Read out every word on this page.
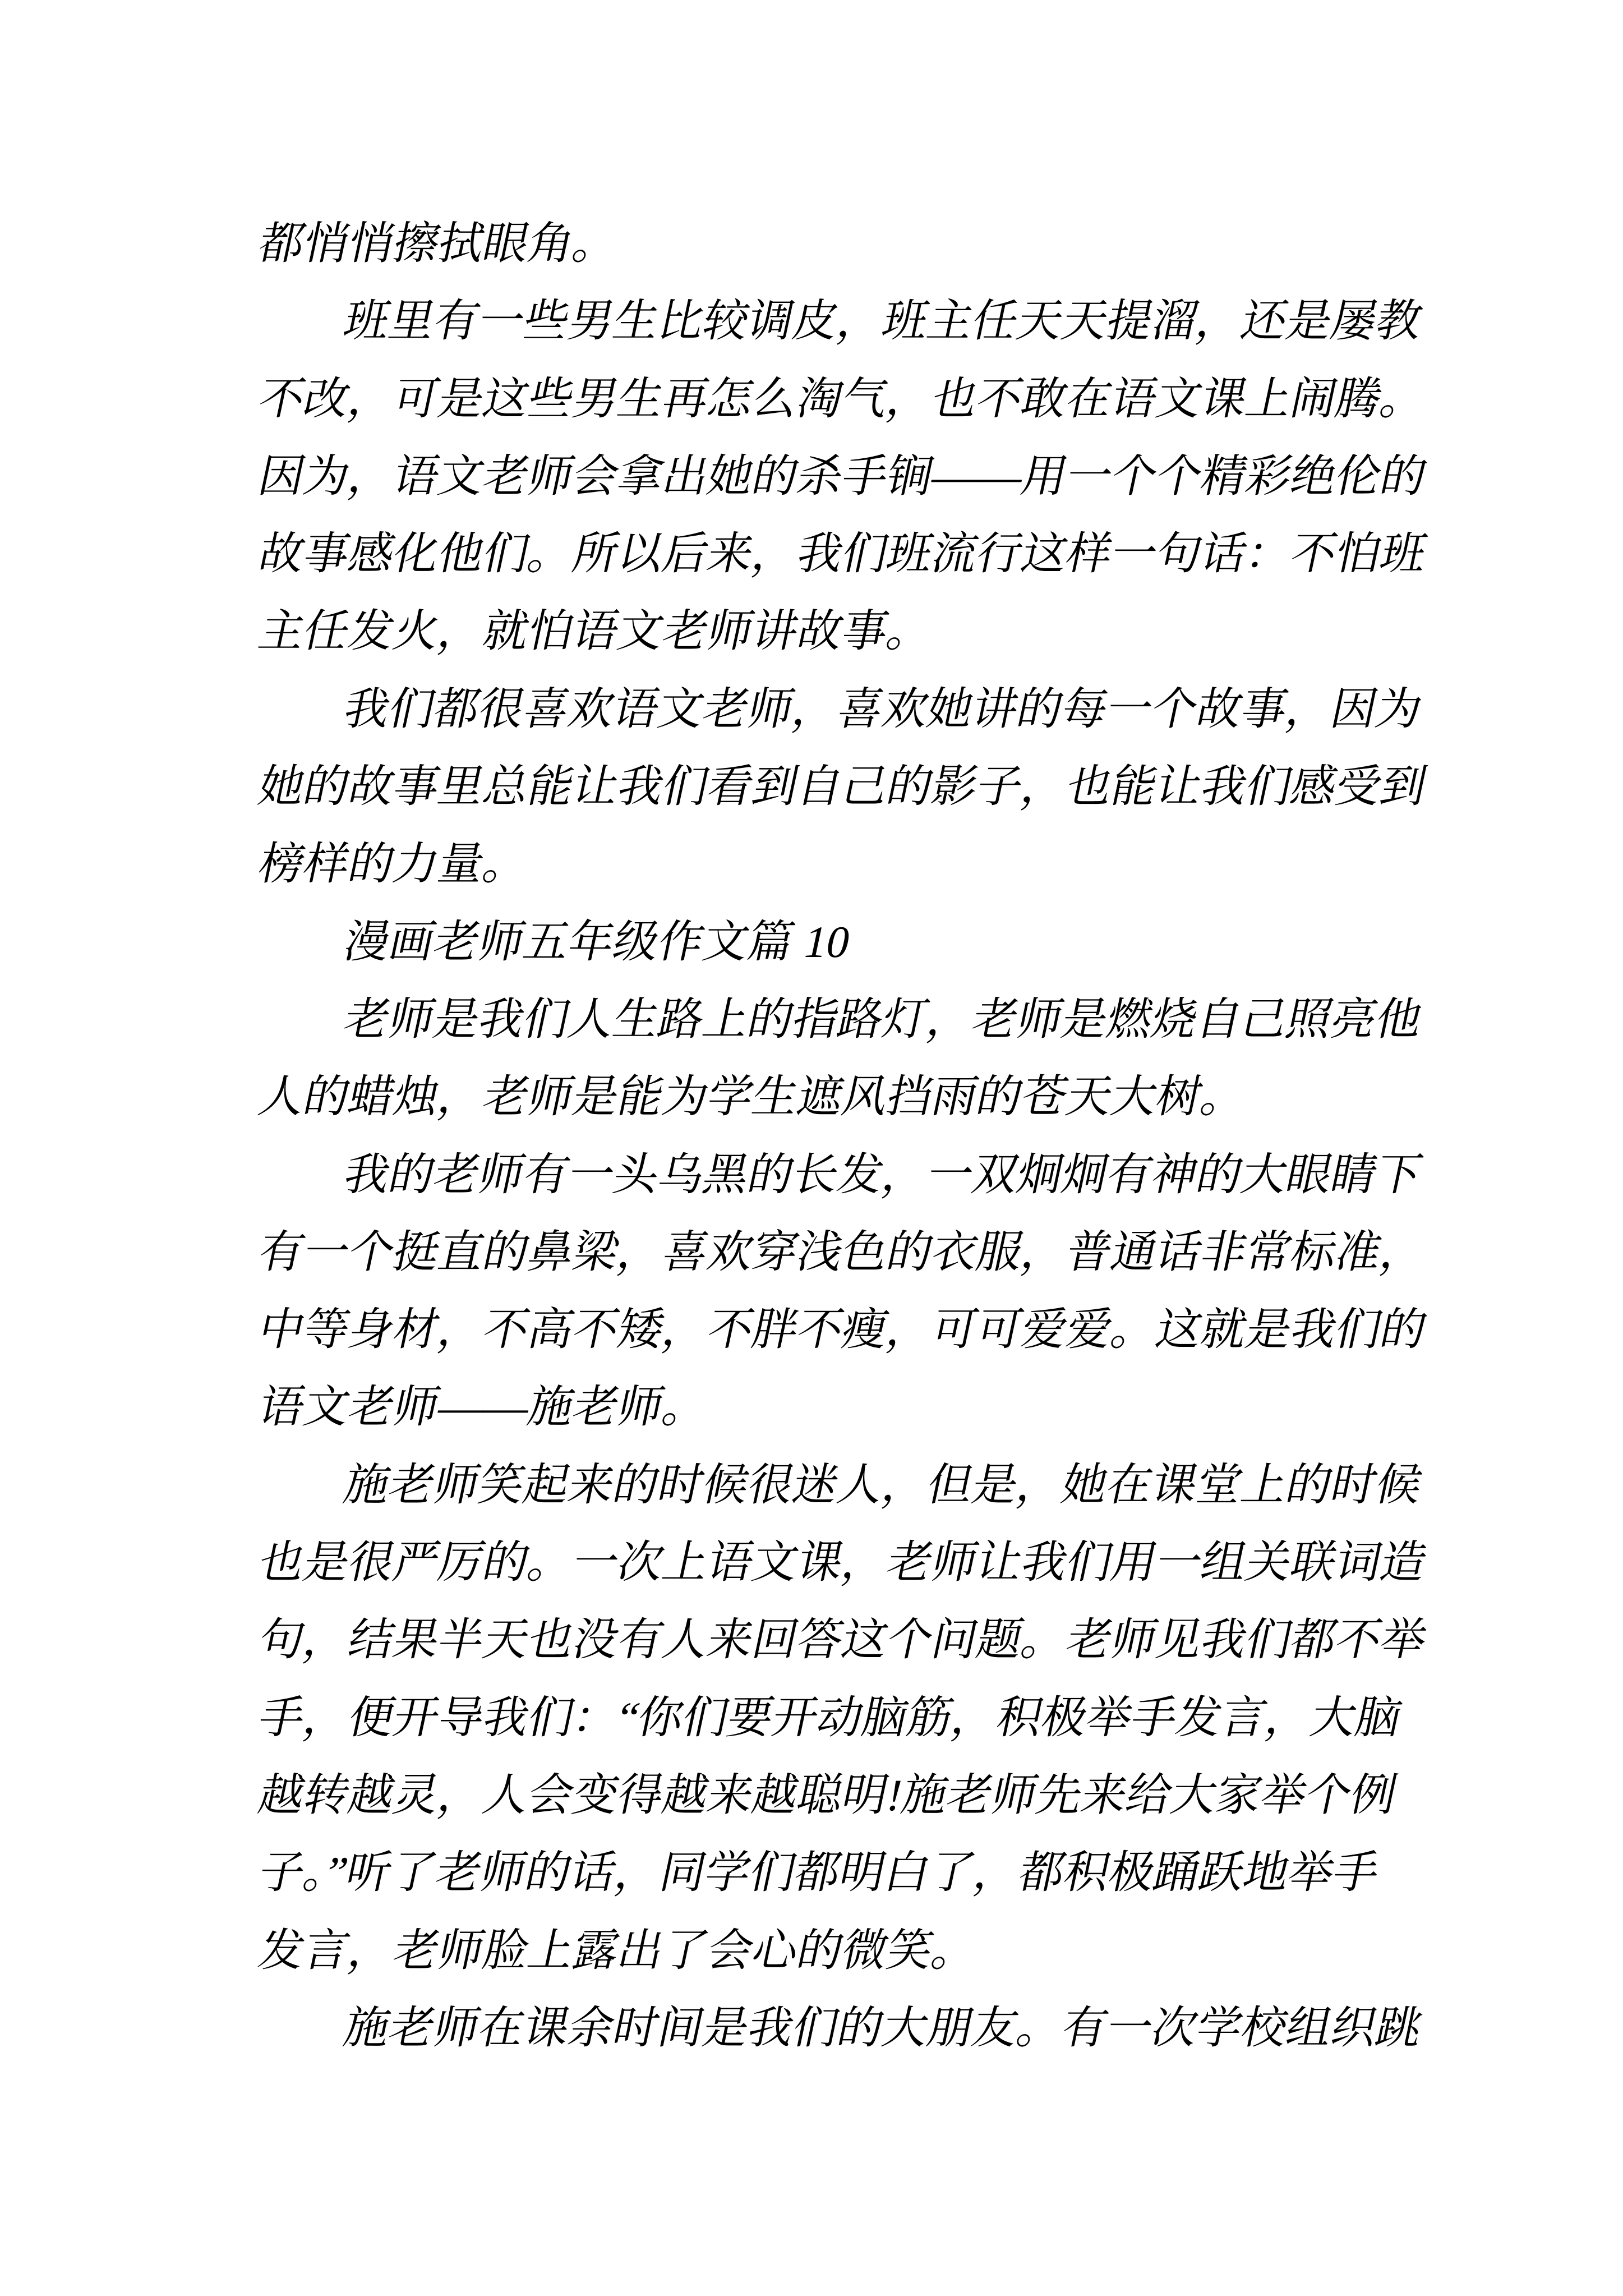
都悄悄擦拭眼角。
班里有一些男生比较调皮，班主任天天提溜，还是屡教
不改，可是这些男生再怎么淘气，也不敢在语文课上闹腾。
因为，语文老师会拿出她的杀手锏——用一个个精彩绝伦的
故事感化他们。所以后来，我们班流行这样一句话：不怕班
主任发火，就怕语文老师讲故事。
我们都很喜欢语文老师，喜欢她讲的每一个故事，因为
她的故事里总能让我们看到自己的影子，也能让我们感受到
榜样的力量。
漫画老师五年级作文篇 10
老师是我们人生路上的指路灯，老师是燃烧自己照亮他
人的蜡烛，老师是能为学生遮风挡雨的苍天大树。
我的老师有一头乌黑的长发，一双炯炯有神的大眼睛下
有一个挺直的鼻梁，喜欢穿浅色的衣服，普通话非常标准，
中等身材，不高不矮，不胖不瘦，可可爱爱。这就是我们的
语文老师——施老师。
施老师笑起来的时候很迷人，但是，她在课堂上的时候
也是很严厉的。一次上语文课，老师让我们用一组关联词造
句，结果半天也没有人来回答这个问题。老师见我们都不举
手，便开导我们：“你们要开动脑筋，积极举手发言，大脑
越转越灵，人会变得越来越聪明!施老师先来给大家举个例
子。”听了老师的话，同学们都明白了，都积极踊跃地举手
发言，老师脸上露出了会心的微笑。
施老师在课余时间是我们的大朋友。有一次学校组织跳
